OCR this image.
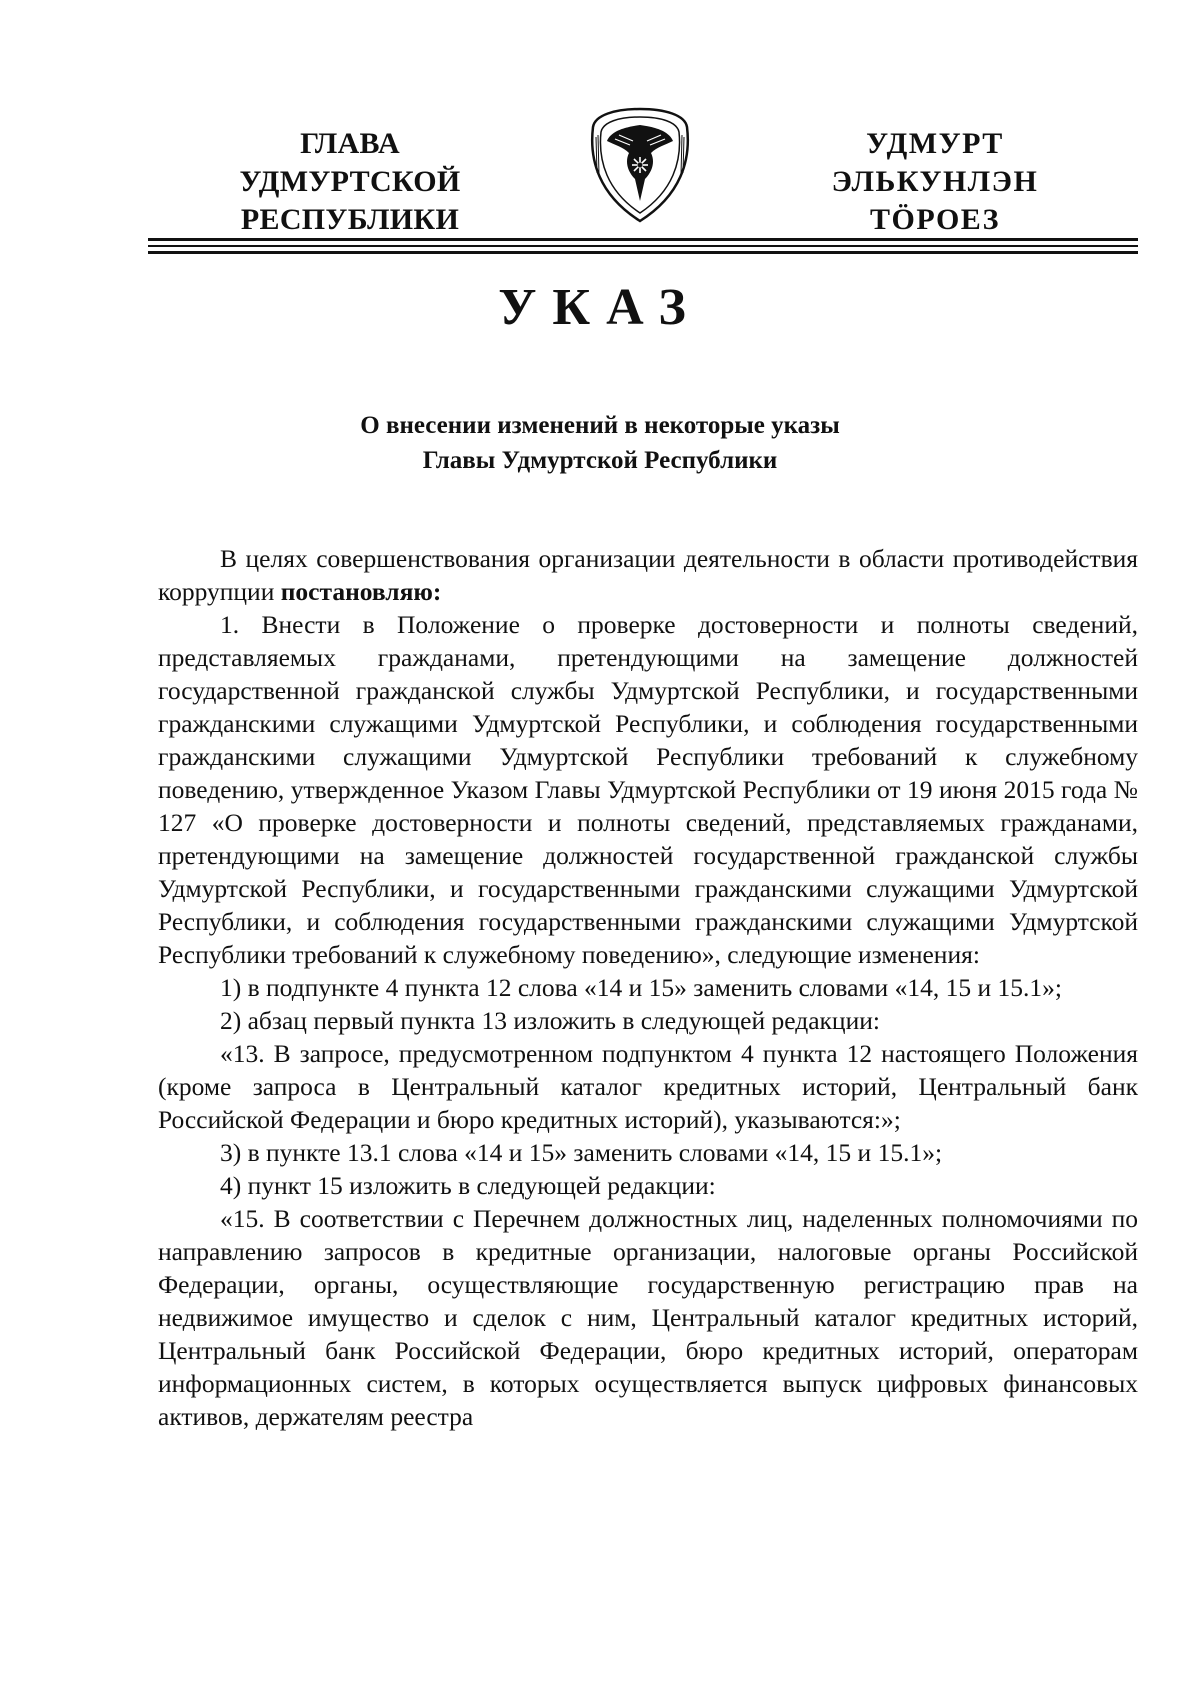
ГЛАВА
УДМУРТСКОЙ РЕСПУБЛИКИ
УДМУРТ ЭЛЬКУНЛЭН
ТӦРОЕЗ
УКАЗ
О внесении изменений в некоторые указы
Главы Удмуртской Республики

В целях совершенствования организации деятельности в области противодействия коррупции постановляю:

1. Внести в Положение о проверке достоверности и полноты сведений, представляемых гражданами, претендующими на замещение должностей государственной гражданской службы Удмуртской Республики, и государственными гражданскими служащими Удмуртской Республики, и соблюдения государственными гражданскими служащими Удмуртской Республики требований к служебному поведению, утвержденное Указом Главы Удмуртской Республики от 19 июня 2015 года № 127 «О проверке достоверности и полноты сведений, представляемых гражданами, претендующими на замещение должностей государственной гражданской службы Удмуртской Республики, и государственными гражданскими служащими Удмуртской Республики, и соблюдения государственными гражданскими служащими Удмуртской Республики требований к служебному поведению», следующие изменения:

1) в подпункте 4 пункта 12 слова «14 и 15» заменить словами «14, 15 и 15.1»;

2) абзац первый пункта 13 изложить в следующей редакции:

«13. В запросе, предусмотренном подпунктом 4 пункта 12 настоящего Положения (кроме запроса в Центральный каталог кредитных историй, Центральный банк Российской Федерации и бюро кредитных историй), указываются:»;

3) в пункте 13.1 слова «14 и 15» заменить словами «14, 15 и 15.1»;

4) пункт 15 изложить в следующей редакции:

«15. В соответствии с Перечнем должностных лиц, наделенных полномочиями по направлению запросов в кредитные организации, налоговые органы Российской Федерации, органы, осуществляющие государственную регистрацию прав на недвижимое имущество и сделок с ним, Центральный каталог кредитных историй, Центральный банк Российской Федерации, бюро кредитных историй, операторам информационных систем, в которых осуществляется выпуск цифровых финансовых активов, держателям реестра
